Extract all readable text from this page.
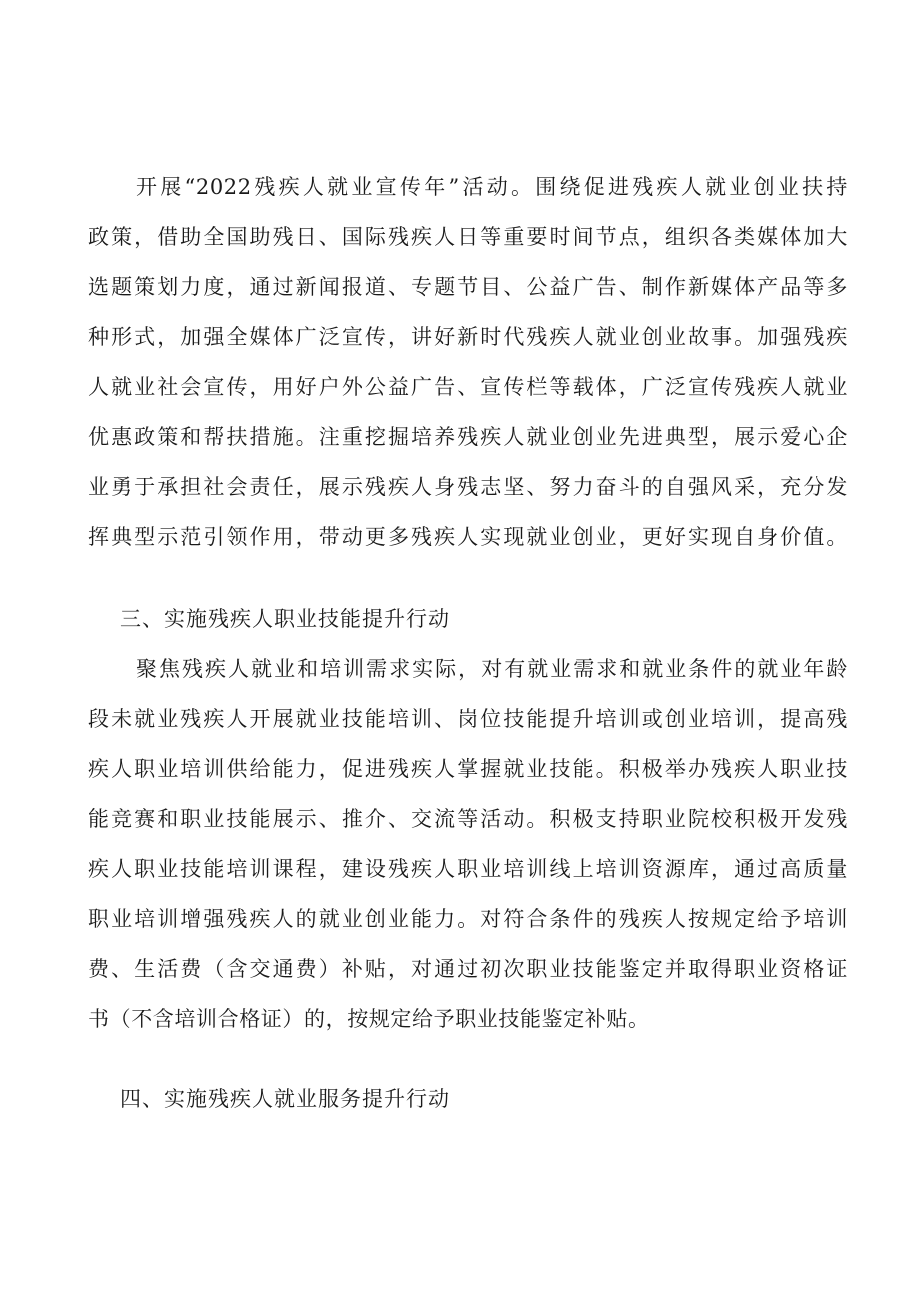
开展“2022残疾人就业宣传年”活动。围绕促进残疾人就业创业扶持
政策，借助全国助残日、国际残疾人日等重要时间节点，组织各类媒体加大
选题策划力度，通过新闻报道、专题节目、公益广告、制作新媒体产品等多
种形式，加强全媒体广泛宣传，讲好新时代残疾人就业创业故事。加强残疾
人就业社会宣传，用好户外公益广告、宣传栏等载体，广泛宣传残疾人就业
优惠政策和帮扶措施。注重挖掘培养残疾人就业创业先进典型，展示爱心企
业勇于承担社会责任，展示残疾人身残志坚、努力奋斗的自强风采，充分发
挥典型示范引领作用，带动更多残疾人实现就业创业，更好实现自身价值。
三、实施残疾人职业技能提升行动
聚焦残疾人就业和培训需求实际，对有就业需求和就业条件的就业年龄
段未就业残疾人开展就业技能培训、岗位技能提升培训或创业培训，提高残
疾人职业培训供给能力，促进残疾人掌握就业技能。积极举办残疾人职业技
能竞赛和职业技能展示、推介、交流等活动。积极支持职业院校积极开发残
疾人职业技能培训课程，建设残疾人职业培训线上培训资源库，通过高质量
职业培训增强残疾人的就业创业能力。对符合条件的残疾人按规定给予培训
费、生活费（含交通费）补贴，对通过初次职业技能鉴定并取得职业资格证
书（不含培训合格证）的，按规定给予职业技能鉴定补贴。
四、实施残疾人就业服务提升行动
